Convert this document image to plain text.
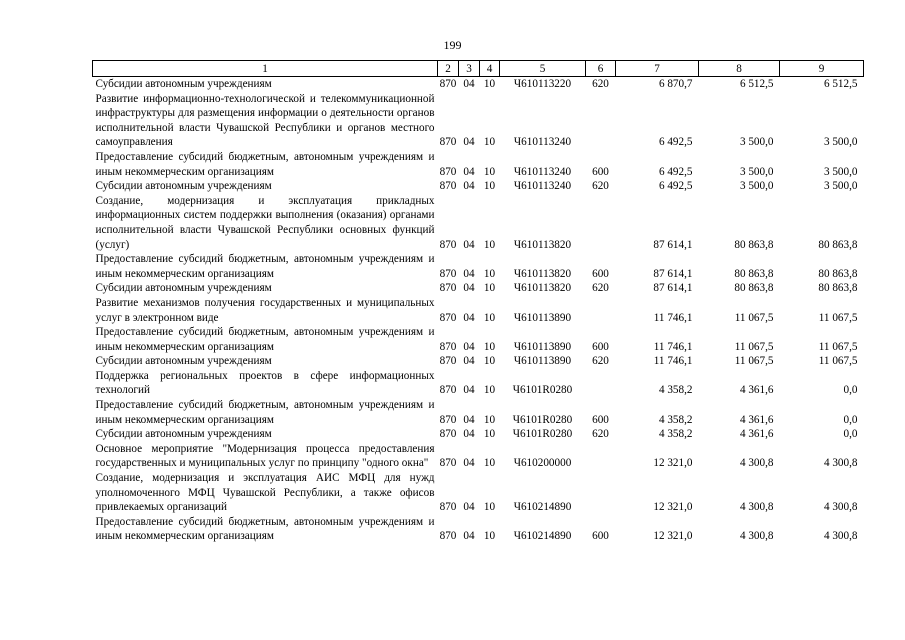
199
1	2	3	4	5	6	7	8	9
Субсидии автономным учреждениям	870	04	10	Ч610113220	620	6 870,7	6 512,5	6 512,5
Развитие информационно-технологической и телекоммуникационной инфраструктуры для размещения информации о деятельности органов исполнительной власти Чувашской Республики и органов местного самоуправления	870	04	10	Ч610113240		6 492,5	3 500,0	3 500,0
Предоставление субсидий бюджетным, автономным учреждениям и иным некоммерческим организациям	870	04	10	Ч610113240	600	6 492,5	3 500,0	3 500,0
Субсидии автономным учреждениям	870	04	10	Ч610113240	620	6 492,5	3 500,0	3 500,0
Создание, модернизация и эксплуатация прикладных информационных систем поддержки выполнения (оказания) органами исполнительной власти Чувашской Республики основных функций (услуг)	870	04	10	Ч610113820		87 614,1	80 863,8	80 863,8
Предоставление субсидий бюджетным, автономным учреждениям и иным некоммерческим организациям	870	04	10	Ч610113820	600	87 614,1	80 863,8	80 863,8
Субсидии автономным учреждениям	870	04	10	Ч610113820	620	87 614,1	80 863,8	80 863,8
Развитие механизмов получения государственных и муниципальных услуг в электронном виде	870	04	10	Ч610113890		11 746,1	11 067,5	11 067,5
Предоставление субсидий бюджетным, автономным учреждениям и иным некоммерческим организациям	870	04	10	Ч610113890	600	11 746,1	11 067,5	11 067,5
Субсидии автономным учреждениям	870	04	10	Ч610113890	620	11 746,1	11 067,5	11 067,5
Поддержка региональных проектов в сфере информационных технологий	870	04	10	Ч6101R0280		4 358,2	4 361,6	0,0
Предоставление субсидий бюджетным, автономным учреждениям и иным некоммерческим организациям	870	04	10	Ч6101R0280	600	4 358,2	4 361,6	0,0
Субсидии автономным учреждениям	870	04	10	Ч6101R0280	620	4 358,2	4 361,6	0,0
Основное мероприятие "Модернизация процесса предоставления государственных и муниципальных услуг по принципу "одного окна"	870	04	10	Ч610200000		12 321,0	4 300,8	4 300,8
Создание, модернизация и эксплуатация АИС МФЦ для нужд уполномоченного МФЦ Чувашской Республики, а также офисов привлекаемых организаций	870	04	10	Ч610214890		12 321,0	4 300,8	4 300,8
Предоставление субсидий бюджетным, автономным учреждениям и иным некоммерческим организациям	870	04	10	Ч610214890	600	12 321,0	4 300,8	4 300,8
